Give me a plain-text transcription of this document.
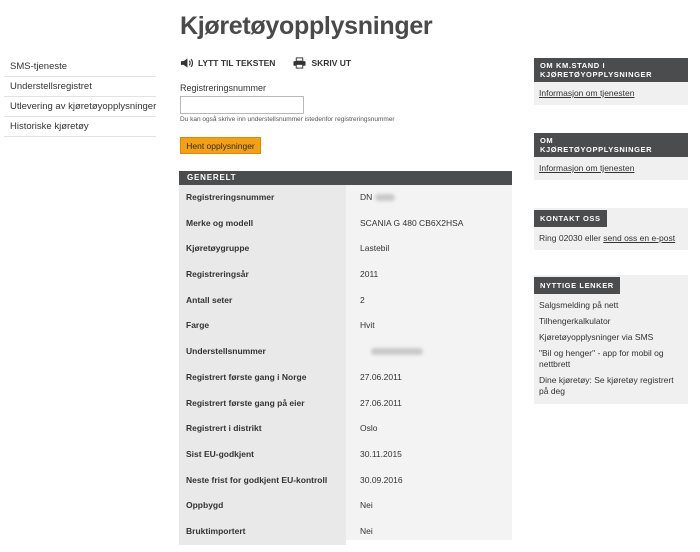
SMS-tjeneste
Understellsregistret
Utlevering av kjøretøyopplysninger
Historiske kjøretøy
Kjøretøyopplysninger
LYTT TIL TEKSTEN	SKRIV UT
Registreringsnummer
Du kan også skrive inn understellsnummer istedenfor registreringsnummer
Hent opplysninger
GENERELT
Registreringsnummer	DN
Merke og modell	SCANIA G 480 CB6X2HSA
Kjøretøygruppe	Lastebil
Registreringsår	2011
Antall seter	2
Farge	Hvit
Understellsnummer
Registrert første gang i Norge	27.06.2011
Registrert første gang på eier	27.06.2011
Registrert i distrikt	Oslo
Sist EU-godkjent	30.11.2015
Neste frist for godkjent EU-kontroll	30.09.2016
Oppbygd	Nei
Bruktimportert	Nei
OM KM.STAND I
KJØRETØYOPPLYSNINGER
Informasjon om tjenesten
OM
KJØRETØYOPPLYSNINGER
Informasjon om tjenesten
KONTAKT OSS
Ring 02030 eller send oss en e-post
NYTTIGE LENKER
Salgsmelding på nett
Tilhengerkalkulator
Kjøretøyopplysninger via SMS
"Bil og henger" - app for mobil og nettbrett
Dine kjøretøy: Se kjøretøy registrert på deg
